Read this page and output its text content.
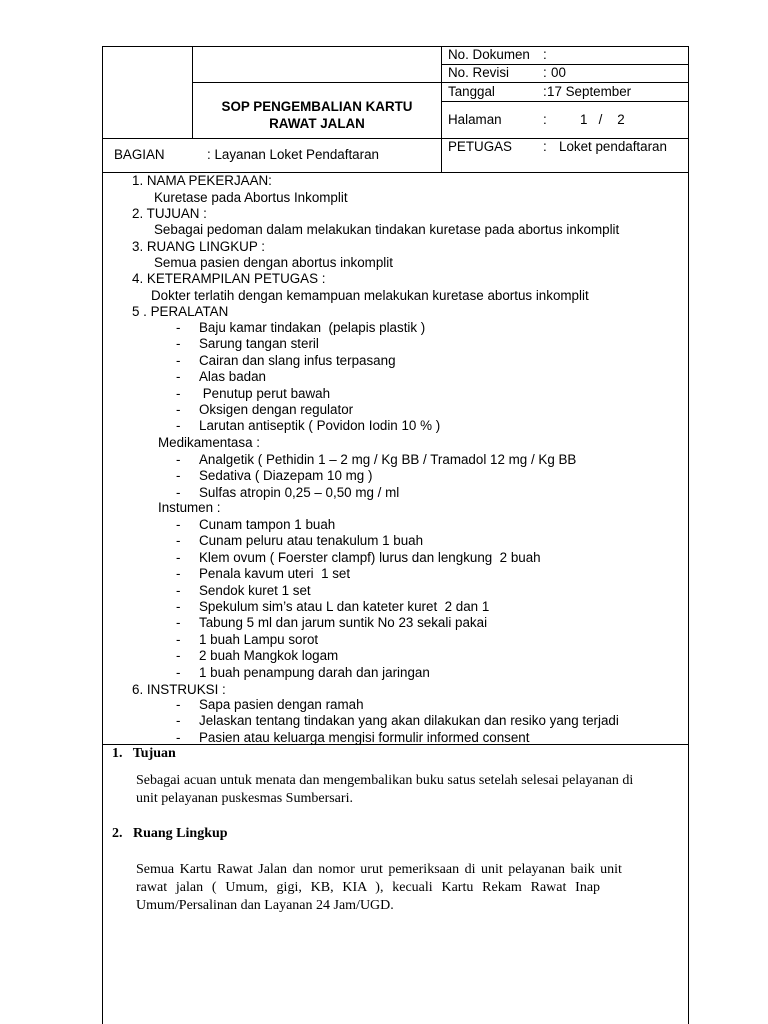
SOP PENGEMBALIAN KARTU
RAWAT JALAN
No. Dokumen :
No. Revisi	: 00
Tanggal	: 17 September
Halaman	: 1   /    2
BAGIAN	: Layanan Loket Pendaftaran
PETUGAS : Loket pendaftaran
1. NAMA PEKERJAAN:
Kuretase pada Abortus Inkomplit
2. TUJUAN :
Sebagai pedoman dalam melakukan tindakan kuretase pada abortus inkomplit
3. RUANG LINGKUP :
Semua pasien dengan abortus inkomplit
4. KETERAMPILAN PETUGAS :
Dokter terlatih dengan kemampuan melakukan kuretase abortus inkomplit
5 . PERALATAN
- Baju kamar tindakan  (pelapis plastik )
- Sarung tangan steril
- Cairan dan slang infus terpasang
- Alas badan
- Penutup perut bawah
- Oksigen dengan regulator
- Larutan antiseptik ( Povidon Iodin 10 % )
Medikamentasa :
- Analgetik ( Pethidin 1 – 2 mg / Kg BB / Tramadol 12 mg / Kg BB
- Sedativa ( Diazepam 10 mg )
- Sulfas atropin 0,25 – 0,50 mg / ml
Instumen :
- Cunam tampon 1 buah
- Cunam peluru atau tenakulum 1 buah
- Klem ovum ( Foerster clampf) lurus dan lengkung  2 buah
- Penala kavum uteri  1 set
- Sendok kuret 1 set
- Spekulum sim’s atau L dan kateter kuret  2 dan 1
- Tabung 5 ml dan jarum suntik No 23 sekali pakai
- 1 buah Lampu sorot
- 2 buah Mangkok logam
- 1 buah penampung darah dan jaringan
6. INSTRUKSI :
- Sapa pasien dengan ramah
- Jelaskan tentang tindakan yang akan dilakukan dan resiko yang terjadi
- Pasien atau keluarga mengisi formulir informed consent
1.   Tujuan
Sebagai acuan untuk menata dan mengembalikan buku satus setelah selesai pelayanan di
unit pelayanan puskesmas Sumbersari.
2.   Ruang Lingkup
Semua Kartu Rawat Jalan dan nomor urut pemeriksaan di unit pelayanan baik unit
rawat jalan ( Umum, gigi, KB, KIA ), kecuali Kartu Rekam Rawat Inap
Umum/Persalinan dan Layanan 24 Jam/UGD.
